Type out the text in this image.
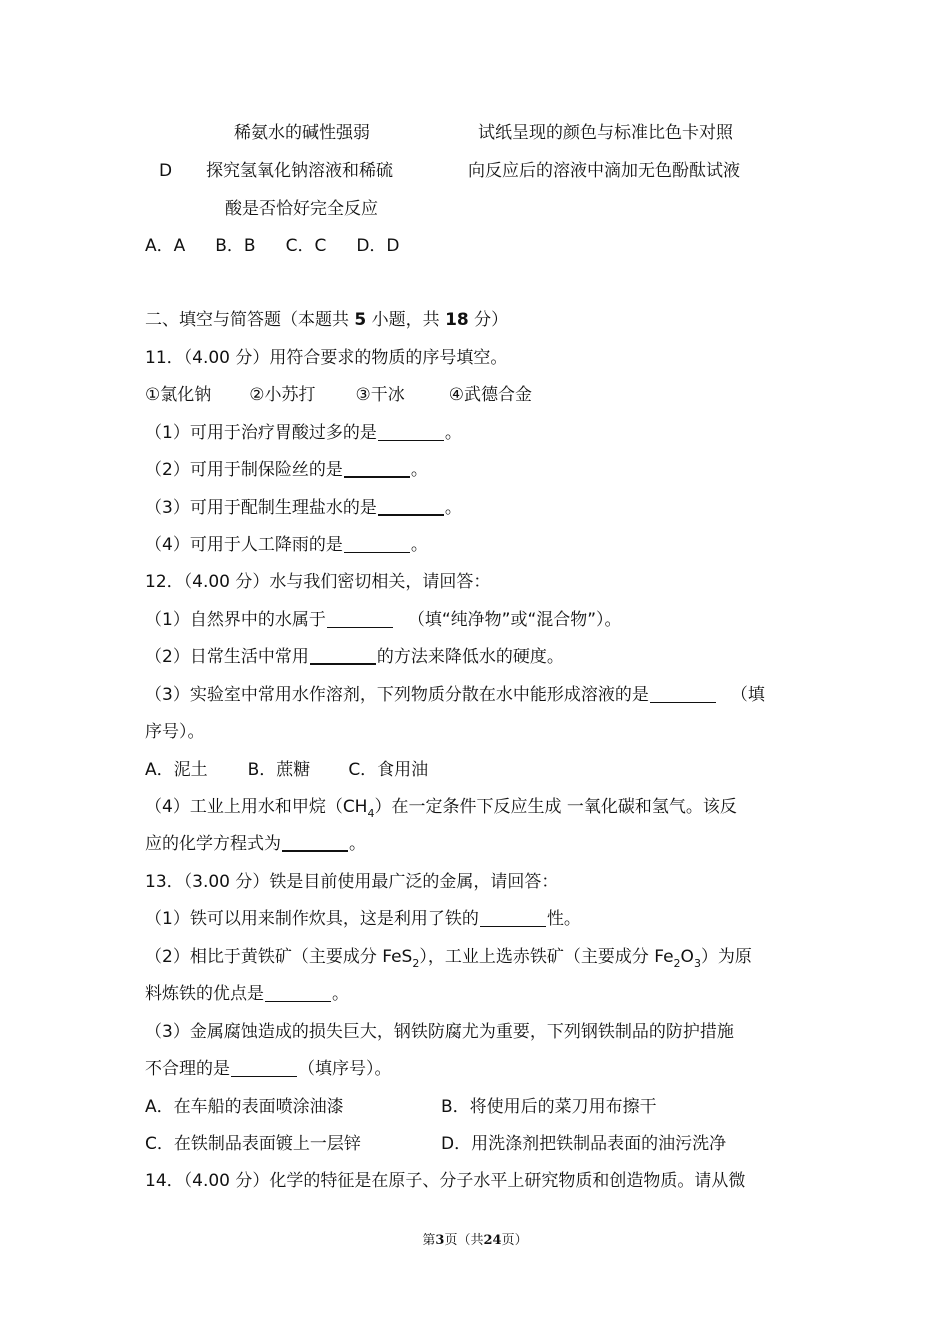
稀氨水的碱性强弱	试纸呈现的颜色与标准比色卡对照
D 探究氢氧化钠溶液和稀硫	向反应后的溶液中滴加无色酚酞试液
酸是否恰好完全反应
A．A B．B C．C D．D
二、填空与简答题（本题共 5 小题，共 18 分）
11．（4.00 分）用符合要求的物质的序号填空。
①氯化钠 ②小苏打 ③干冰	④武德合金
（1）可用于治疗胃酸过多的是	。
（2）可用于制保险丝的是	。
（3）可用于配制生理盐水的是	。
（4）可用于人工降雨的是	。
12．（4.00 分）水与我们密切相关，请回答：
（1）自然界中的水属于	（填“纯净物”或“混合物”）。
（2）日常生活中常用	的方法来降低水的硬度。
（3）实验室中常用水作溶剂，下列物质分散在水中能形成溶液的是	（填
序号）。
A．泥土 B．蔗糖 C．食用油
（4）工业上用水和甲烷$(CH_4)$在一定条件下反应生成 一氧化碳和氢气。该反
应的化学方程式为	。
13．（3.00 分）铁是目前使用最广泛的金属，请回答：
（1）铁可以用来制作炊具，这是利用了铁的	性。
（2）相比于黄铁矿（主要成分 FeS$_2$），工业上选赤铁矿（主要成分 $Fe_2O_3$）为原
料炼铁的优点是	。
（3）金属腐蚀造成的损失巨大，钢铁防腐尤为重要，下列钢铁制品的防护措施
不合理的是	（填序号）。
A．在车船的表面喷涂油漆	B．将使用后的菜刀用布擦干
C．在铁制品表面镀上一层锌	D．用洗涤剂把铁制品表面的油污洗净
14．（4.00 分）化学的特征是在原子、分子水平上研究物质和创造物质。请从微
第3页（共24页）
